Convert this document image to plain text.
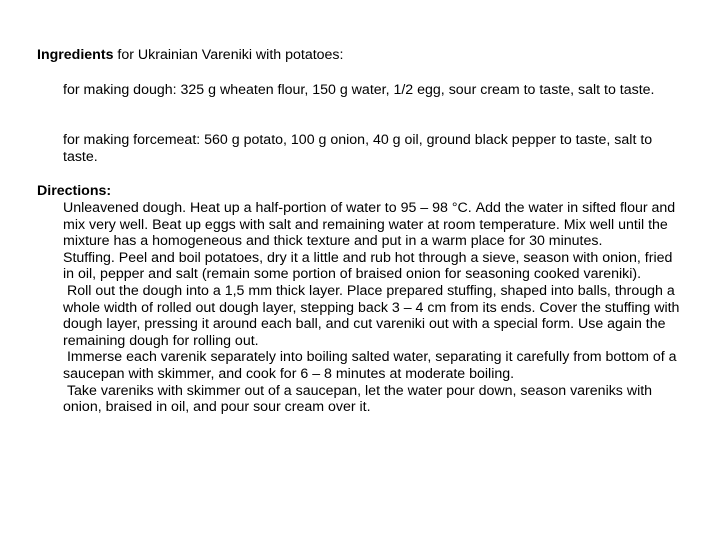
Ingredients for Ukrainian Vareniki with potatoes:

for making dough: 325 g wheaten flour, 150 g water, 1/2 egg, sour cream to taste, salt to taste.

for making forcemeat: 560 g potato, 100 g onion, 40 g oil, ground black pepper to taste, salt to taste.

Directions:

Unleavened dough. Heat up a half-portion of water to 95 – 98 °С. Add the water in sifted flour and mix very well. Beat up eggs with salt and remaining water at room temperature. Mix well until the mixture has a homogeneous and thick texture and put in a warm place for 30 minutes.

Stuffing. Peel and boil potatoes, dry it a little and rub hot through a sieve, season with onion, fried in oil, pepper and salt (remain some portion of braised onion for seasoning cooked vareniki).

Roll out the dough into a 1,5 mm thick layer. Place prepared stuffing, shaped into balls, through a whole width of rolled out dough layer, stepping back 3 – 4 cm from its ends. Cover the stuffing with dough layer, pressing it around each ball, and cut vareniki out with a special form. Use again the remaining dough for rolling out.

Immerse each varenik separately into boiling salted water, separating it carefully from bottom of a saucepan with skimmer, and cook for 6 – 8 minutes at moderate boiling.

Take vareniks with skimmer out of a saucepan, let the water pour down, season vareniks with onion, braised in oil, and pour sour cream over it.
